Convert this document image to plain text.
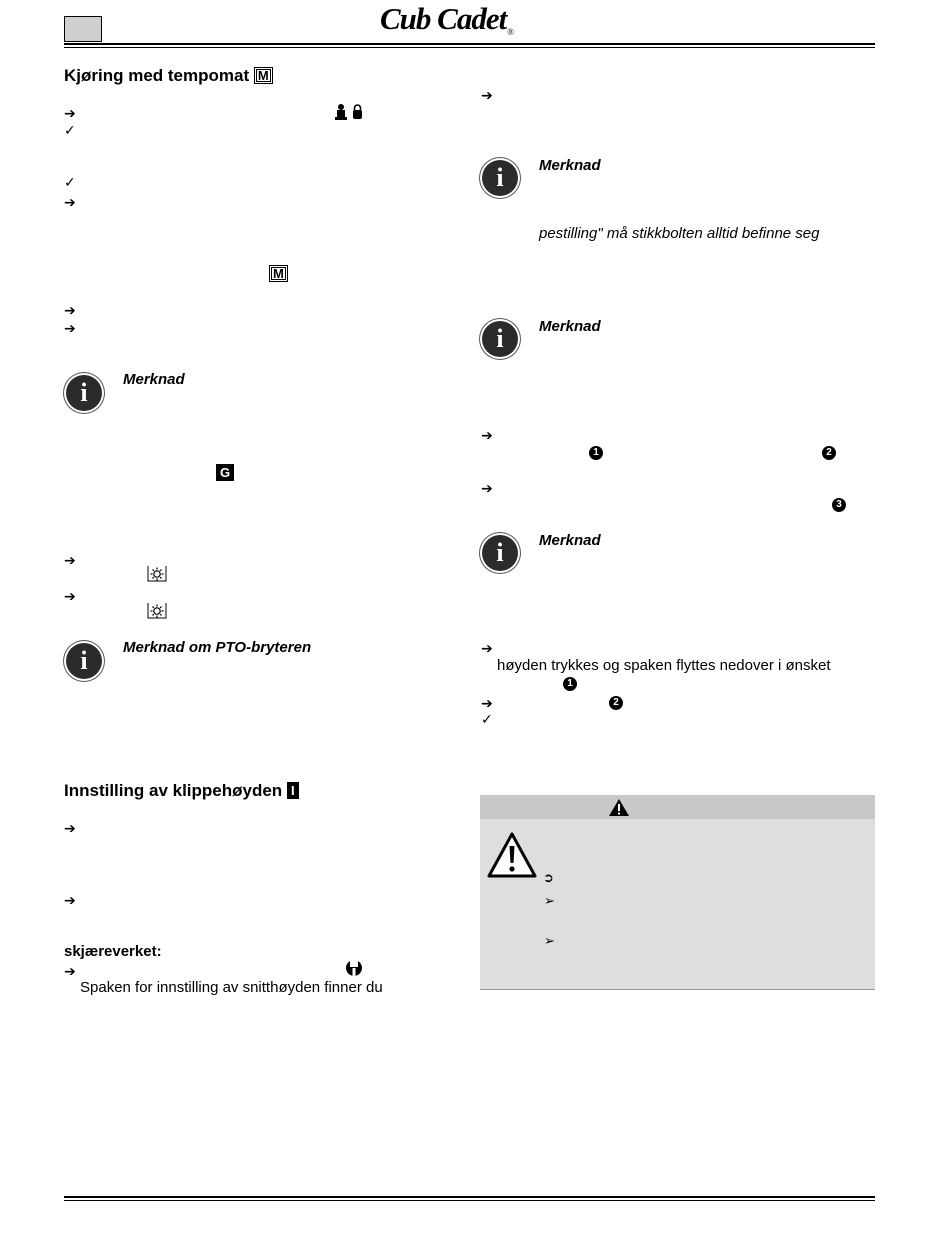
Cub Cadet®
Kjøring med tempomat M
➔
✓
✓
➔
M
➔
➔
i	Merknad
G
➔
➔
i	Merknad om PTO-bryteren
Innstilling av klippehøyden I
➔
➔
skjæreverket:
➔
Spaken for innstilling av snitthøyden finner du
➔
i	Merknad
pestilling" må stikkbolten alltid befinne seg
i	Merknad
➔
1	2
➔
3
i	Merknad
➔
høyden trykkes og spaken flyttes nedover i ønsket
1
➔	2
✓
➲
➢
➢
